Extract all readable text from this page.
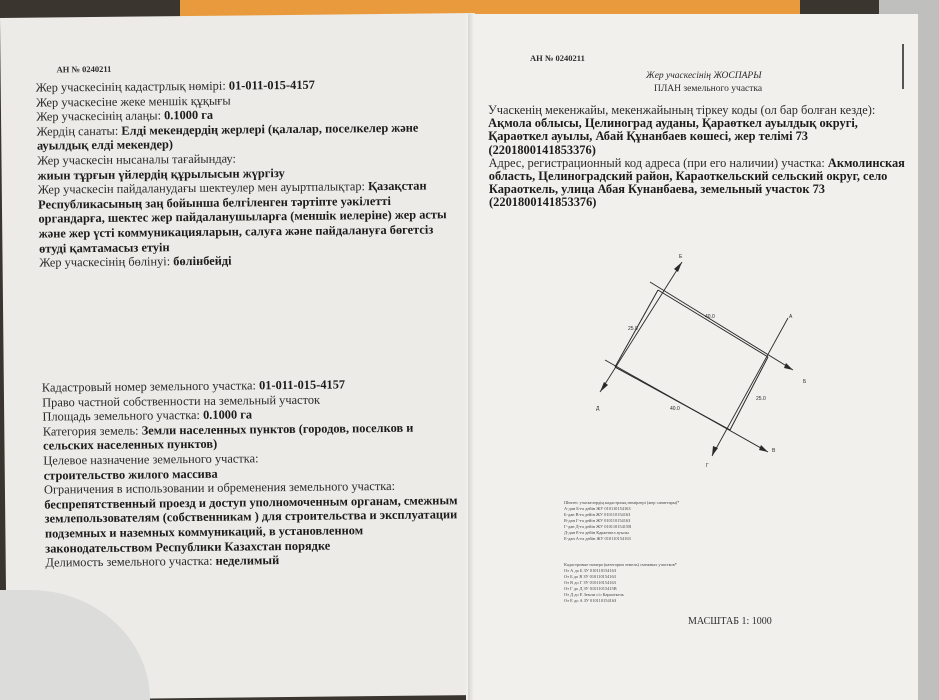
АН № 0240211
Жер учаскесінің кадастрлық нөмірі: 01-011-015-4157
Жер учаскесіне жеке меншік құқығы
Жер учаскесінің алаңы: 0.1000 га
Жердің санаты: Елді мекендердің жерлері (қалалар, поселкелер және
ауылдық елді мекендер)
Жер учаскесін нысаналы тағайындау:
жиын тұрғын үйлердің құрылысын жүргізу
Жер учаскесін пайдаланудағы шектеулер мен ауыртпалықтар: Қазақстан
Республикасының заң бойынша белгіленген тәртіпте уәкілетті
органдарға, шектес жер пайдаланушыларға (меншік иелеріне) жер асты
және жер үсті коммуникацияларын, салуға және пайдалануға бөгетсіз
өтуді қамтамасыз етуін
Жер учаскесінің бөлінуі: бөлінбейді
Кадастровый номер земельного участка: 01-011-015-4157
Право частной собственности на земельный участок
Площадь земельного участка: 0.1000 га
Категория земель: Земли населенных пунктов (городов, поселков и
сельских населенных пунктов)
Целевое назначение земельного участка:
строительство жилого массива
Ограничения в использовании и обременения земельного участка:
беспрепятственный проезд и доступ уполномоченным органам, смежным
землепользователям (собственникам ) для строительства и эксплуатации
подземных и наземных коммуникаций, в установленном
законодательством Республики Казахстан порядке
Делимость земельного участка: неделимый
АН № 0240211
Жер учаскесінің ЖОСПАРЫ
ПЛАН земельного участка
Учаскенің мекенжайы, мекенжайының тіркеу коды (ол бар болған кезде):
Ақмола облысы, Целиноград ауданы, Қараөткел ауылдық округі,
Қараөткел ауылы, Абай Құнанбаев көшесі, жер телімі 73
(2201800141853376)
Адрес, регистрационный код адреса (при его наличии) участка: Акмолинская
область, Целиноградский район, Караоткельский сельский округ, село
Караоткель, улица Абая Кунанбаева, земельный участок 73
(2201800141853376)
Шектес учаскелердің кадастрлық нөмірлері (жер санаттары)*
А-дан Б-ға дейін ЖУ 01011015416З
Б-дан В-ға дейін ЖУ 01011015416З
В-дан Г-ға дейін ЖУ 01011015416З
Г-дан Д-ға дейін ЖУ 01011015415В
Д-дан Е-ға дейін Қараөткел ауылы
Е-дан А-ға дейін ЖУ 01011015416З
Кадастровые номера (категории земель) смежных участков*
От А до Б ЗУ 01011015416З
От Б до В ЗУ 01011015416З
От В до Г ЗУ 01011015416З
От Г до Д ЗУ 01011015415В
От Д до Е Земли с/о Караоткель
От Е до А ЗУ 01011015416З
МАСШТАБ 1: 1000
Е
А
Б
В
Г
Д
40.0
25.0
40.0
25.0
